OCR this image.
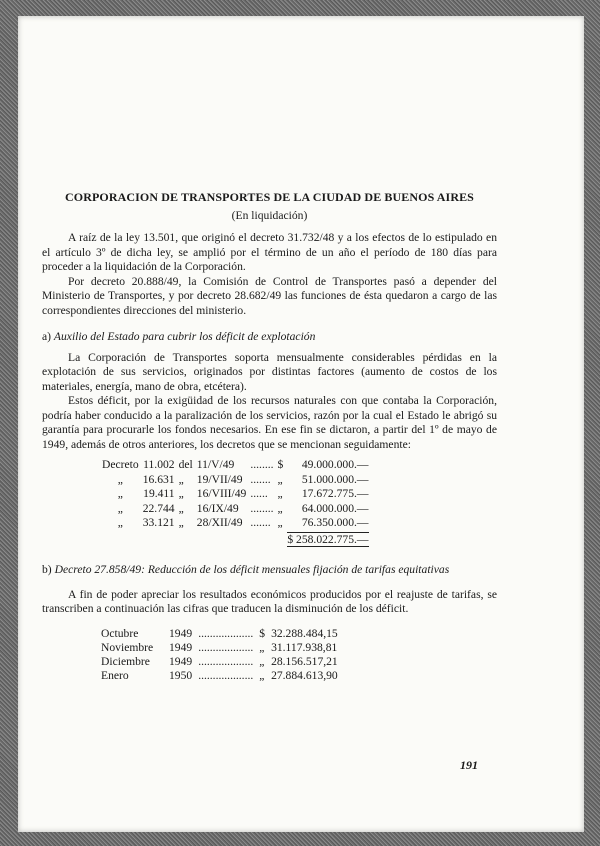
CORPORACION DE TRANSPORTES DE LA CIUDAD DE BUENOS AIRES
(En liquidación)

A raíz de la ley 13.501, que originó el decreto 31.732/48 y a los efectos de lo estipulado en el artículo 3º de dicha ley, se amplió por el término de un año el período de 180 días para proceder a la liquidación de la Corporación.

Por decreto 20.888/49, la Comisión de Control de Transportes pasó a depender del Ministerio de Transportes, y por decreto 28.682/49 las funciones de ésta quedaron a cargo de las correspondientes direcciones del ministerio.

a) Auxilio del Estado para cubrir los déficit de explotación

La Corporación de Transportes soporta mensualmente considerables pérdidas en la explotación de sus servicios, originados por distintas factores (aumento de costos de los materiales, energía, mano de obra, etcétera).

Estos déficit, por la exigüidad de los recursos naturales con que contaba la Corporación, podría haber conducido a la paralización de los servicios, razón por la cual el Estado le abrigó su garantía para procurarle los fondos necesarios. En ese fin se dictaron, a partir del 1º de mayo de 1949, además de otros anteriores, los decretos que se mencionan seguidamente:

Decreto	11.002	del	11/V/49	........	$	49.000.000.—
„	16.631	„	19/VII/49	.......	„	51.000.000.—
„	19.411	„	16/VIII/49	......	„	17.672.775.—
„	22.744	„	16/IX/49	........	„	64.000.000.—
„	33.121	„	28/XII/49	.......	„	76.350.000.—
						$ 258.022.775.—

b) Decreto 27.858/49: Reducción de los déficit mensuales fijación de tarifas equitativas

A fin de poder apreciar los resultados económicos producidos por el reajuste de tarifas, se transcriben a continuación las cifras que traducen la disminución de los déficit.

Octubre	1949	...................	$	32.288.484,15
Noviembre	1949	...................	„	31.117.938,81
Diciembre	1949	...................	„	28.156.517,21
Enero	1950	...................	„	27.884.613,90
191
